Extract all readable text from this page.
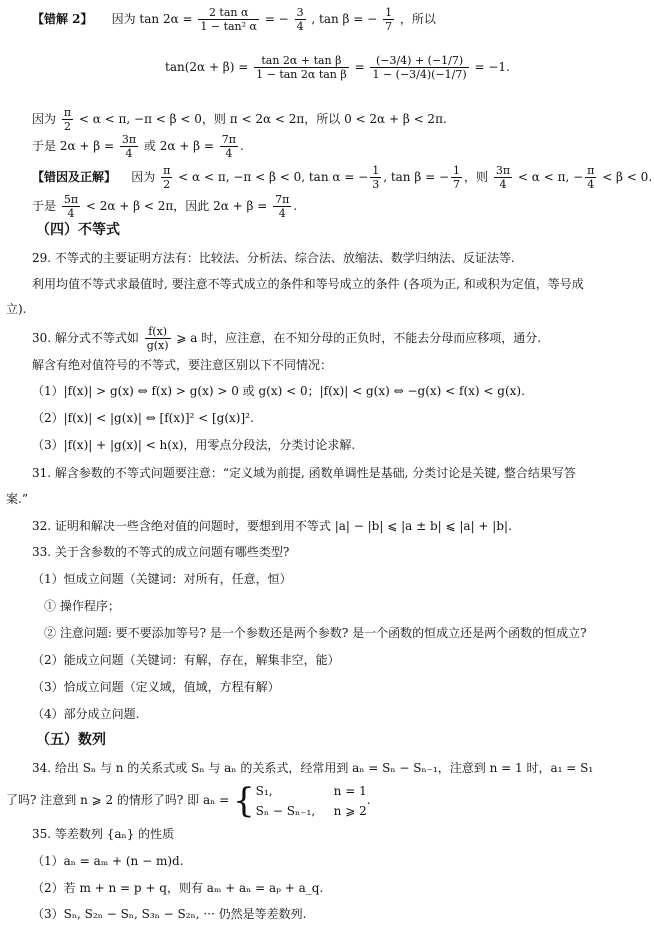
【错解 2】 因为 $\tan 2\alpha = \frac{\text{2 tan α}}{\text{1 − tan² α}}$ = − $\frac{3}{4}$ , tan β = − $\frac{1}{7}$ ，所以
$\tan(2\alpha + \beta) = \frac{\text{tan 2α + tan β}}{\text{1 − tan 2α tan β}} = \frac{(-3/4) + (-1/7)}{1 - (-3/4)(-1/7)} = -1$.
因为 $\frac{\pi}{2} < \alpha < \pi$, −π < β < 0，则 π < 2α < 2π，所以 0 < 2α + β < 2π.
于是 $2\alpha + \beta = \frac{3\pi}{4}$ 或 $2\alpha + \beta = \frac{7\pi}{4}$ .
【错因及正解】 因为 $\frac{\pi}{2} < \alpha < \pi$, −π < β < 0, tan α = − $\frac{1}{3}$ , tan β = − $\frac{1}{7}$ ，则 $\frac{3\pi}{4} < \alpha < \pi$, − $\frac{\pi}{4} < \beta < 0$.
于是 $\frac{5\pi}{4} < 2\alpha + \beta < 2\pi$，因此 $2\alpha + \beta = \frac{7\pi}{4}$ .
（四）不等式
29. 不等式的主要证明方法有：比较法、分析法、综合法、放缩法、数学归纳法、反证法等.
利用均值不等式求最值时, 要注意不等式成立的条件和等号成立的条件 (各项为正, 和或积为定值，等号成
立).
30. 解分式不等式如 $\frac{f(x)}{g(x)}$ ⩾ a 时，应注意，在不知分母的正负时，不能去分母而应移项，通分.
解含有绝对值符号的不等式，要注意区别以下不同情况：
（1）|f(x)| > g(x) ⇔ f(x) > g(x) > 0 或 g(x) < 0；|f(x)| < g(x) ⇔ −g(x) < f(x) < g(x).
（2）|f(x)| < |g(x)| ⇔ [f(x)]² < [g(x)]².
（3）|f(x)| + |g(x)| < h(x)，用零点分段法，分类讨论求解.
31. 解含参数的不等式问题要注意：“定义域为前提, 函数单调性是基础, 分类讨论是关键, 整合结果写答
案.”
32. 证明和解决一些含绝对值的问题时，要想到用不等式 |a| − |b| ⩽ |a ± b| ⩽ |a| + |b|.
33. 关于含参数的不等式的成立问题有哪些类型?
（1）恒成立问题（关键词：对所有，任意，恒）
① 操作程序；
② 注意问题: 要不要添加等号? 是一个参数还是两个参数? 是一个函数的恒成立还是两个函数的恒成立?
（2）能成立问题（关键词：有解，存在，解集非空，能）
（3）恰成立问题（定义域，值域，方程有解）
（4）部分成立问题.
（五）数列
34. 给出 Sₙ 与 n 的关系式或 Sₙ 与 aₙ 的关系式，经常用到 aₙ = Sₙ − Sₙ₋₁，注意到 n = 1 时，a₁ = S₁
了吗? 注意到 n ⩾ 2 的情形了吗? 即 aₙ = { S₁,	n = 1
Sₙ − Sₙ₋₁, n ⩾ 2
.
35. 等差数列 {aₙ} 的性质
（1）aₙ = aₘ + (n − m)d.
（2）若 m + n = p + q，则有 aₘ + aₙ = aₚ + a_q.
（3）Sₙ, S₂ₙ − Sₙ, S₃ₙ − S₂ₙ, ··· 仍然是等差数列.
